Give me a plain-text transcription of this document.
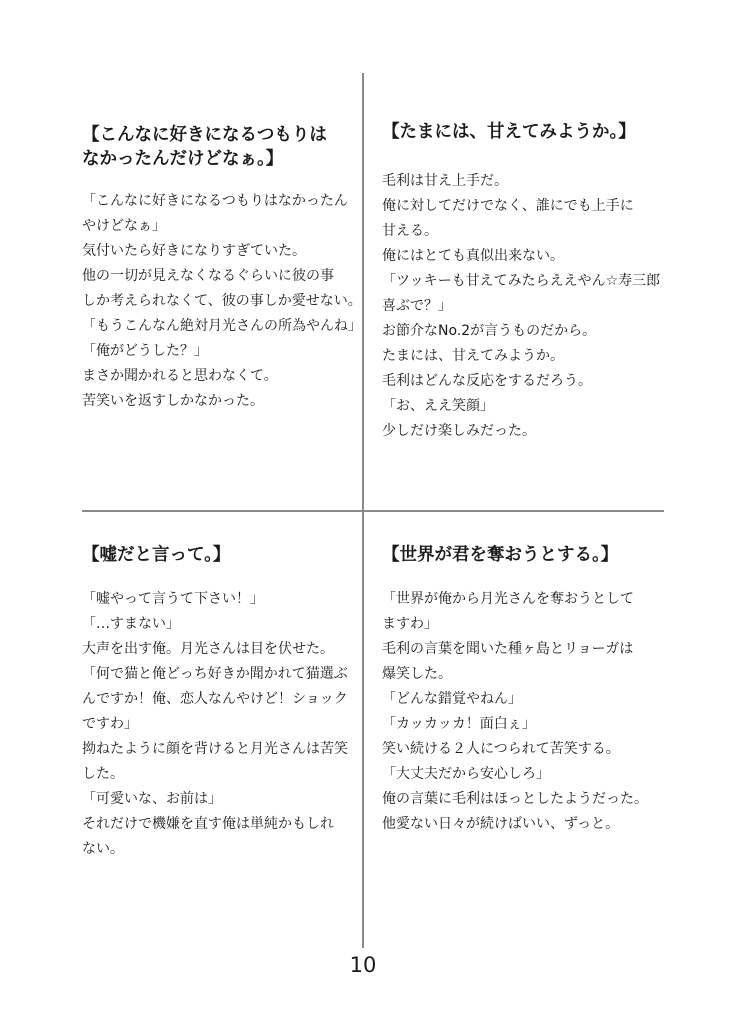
【こんなに好きになるつもりは
なかったんだけどなぁ。】
「こんなに好きになるつもりはなかったん
やけどなぁ」
気付いたら好きになりすぎていた。
他の一切が見えなくなるぐらいに彼の事
しか考えられなくて、彼の事しか愛せない。
「もうこんなん絶対月光さんの所為やんね」
「俺がどうした？」
まさか聞かれると思わなくて。
苦笑いを返すしかなかった。
【たまには、甘えてみようか。】
毛利は甘え上手だ。
俺に対してだけでなく、誰にでも上手に
甘える。
俺にはとても真似出来ない。
「ツッキーも甘えてみたらええやん☆寿三郎
喜ぶで？」
お節介なNo.2が言うものだから。
たまには、甘えてみようか。
毛利はどんな反応をするだろう。
「お、ええ笑顔」
少しだけ楽しみだった。
【嘘だと言って。】
「嘘やって言うて下さい！」
「…すまない」
大声を出す俺。月光さんは目を伏せた。
「何で猫と俺どっち好きか聞かれて猫選ぶ
んですか！俺、恋人なんやけど！ショック
ですわ」
拗ねたように顔を背けると月光さんは苦笑
した。
「可愛いな、お前は」
それだけで機嫌を直す俺は単純かもしれ
ない。
【世界が君を奪おうとする。】
「世界が俺から月光さんを奪おうとして
ますわ」
毛利の言葉を聞いた種ヶ島とリョーガは
爆笑した。
「どんな錯覚やねん」
「カッカッカ！面白ぇ」
笑い続ける２人につられて苦笑する。
「大丈夫だから安心しろ」
俺の言葉に毛利はほっとしたようだった。
他愛ない日々が続けばいい、ずっと。
10
